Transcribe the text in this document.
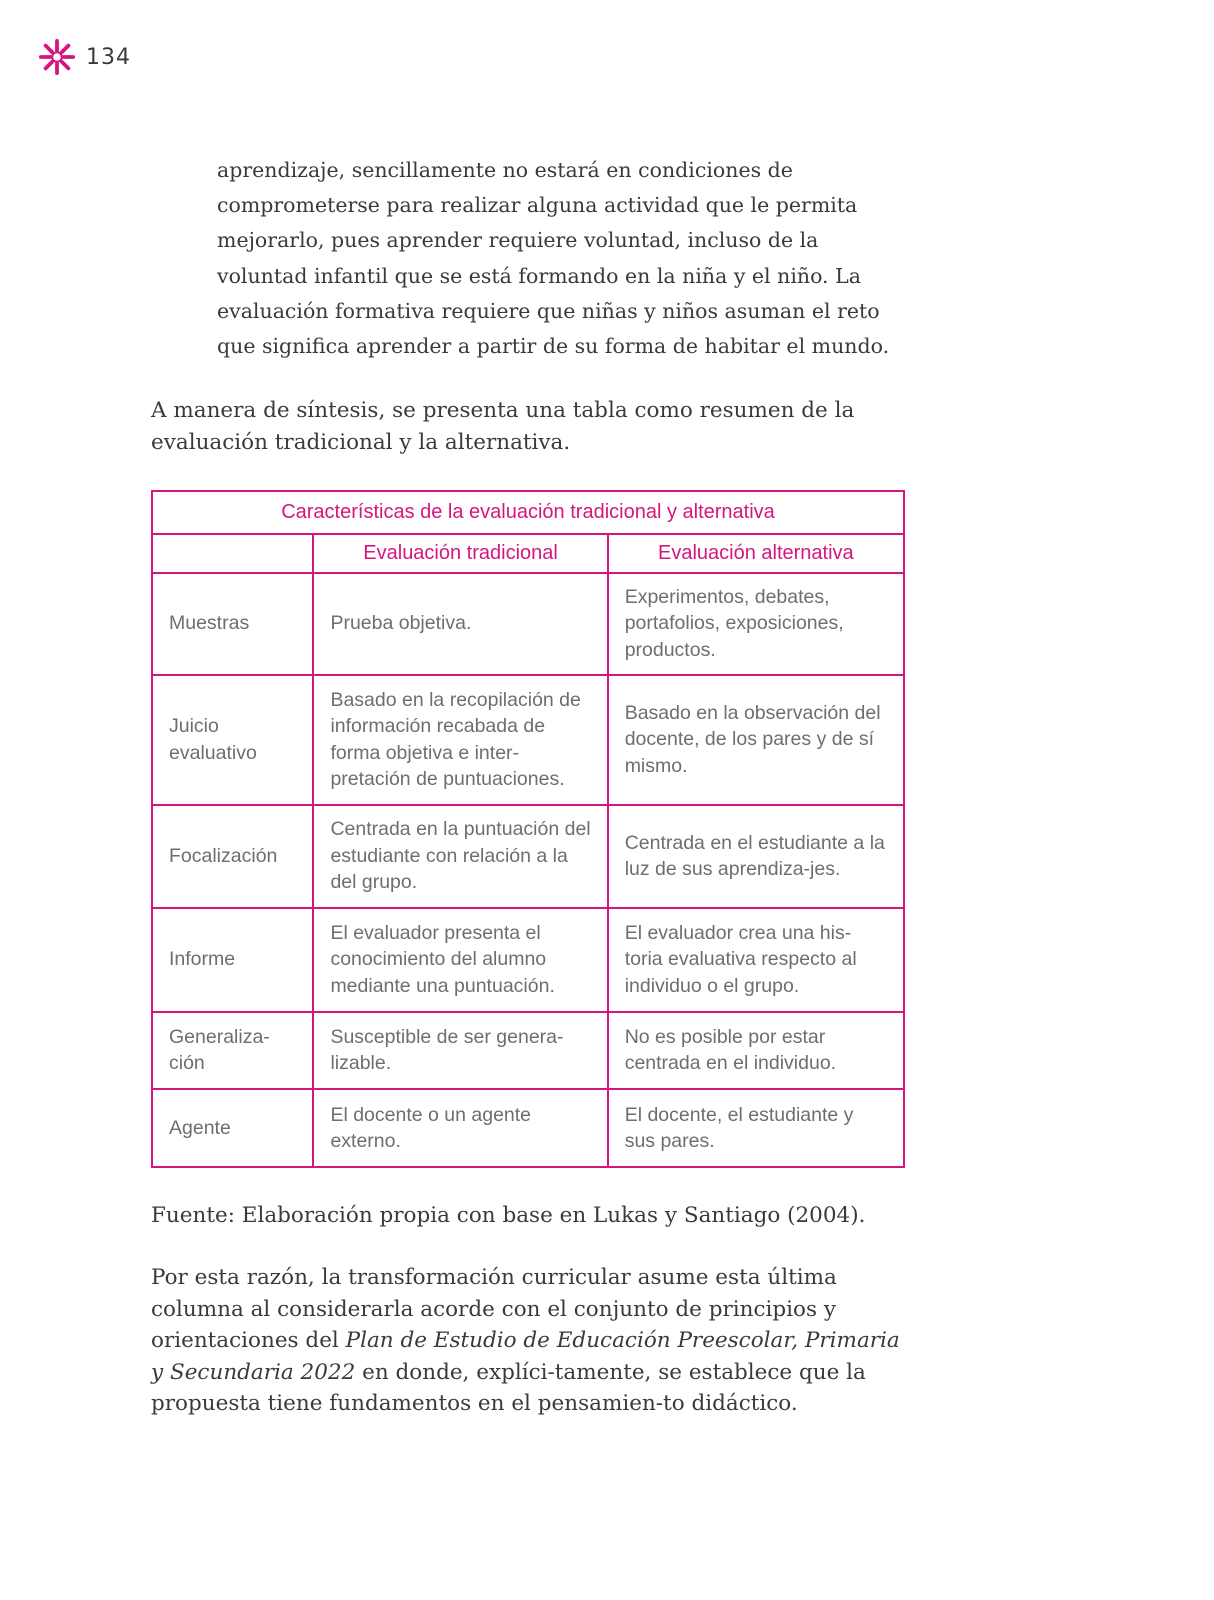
134
aprendizaje, sencillamente no estará en condiciones de comprometerse para realizar alguna actividad que le permita mejorarlo, pues aprender requiere voluntad, incluso de la voluntad infantil que se está formando en la niña y el niño. La evaluación formativa requiere que niñas y niños asuman el reto que significa aprender a partir de su forma de habitar el mundo.
A manera de síntesis, se presenta una tabla como resumen de la evaluación tradicional y la alternativa.
Características de la evaluación tradicional y alternativa		
	Evaluación tradicional	Evaluación alternativa
Muestras	Prueba objetiva.	Experimentos, debates, portafolios, exposiciones, productos.
Juicio evaluativo	Basado en la recopilación de información recabada de forma objetiva e inter-pretación de puntuaciones.	Basado en la observación del docente, de los pares y de sí mismo.
Focalización	Centrada en la puntuación del estudiante con relación a la del grupo.	Centrada en el estudiante a la luz de sus aprendiza-jes.
Informe	El evaluador presenta el conocimiento del alumno mediante una puntuación.	El evaluador crea una his-toria evaluativa respecto al individuo o el grupo.
Generaliza-ción	Susceptible de ser genera-lizable.	No es posible por estar centrada en el individuo.
Agente	El docente o un agente externo.	El docente, el estudiante y sus pares.
Fuente: Elaboración propia con base en Lukas y Santiago (2004).
Por esta razón, la transformación curricular asume esta última columna al considerarla acorde con el conjunto de principios y orientaciones del Plan de Estudio de Educación Preescolar, Primaria y Secundaria 2022 en donde, explíci-tamente, se establece que la propuesta tiene fundamentos en el pensamien-to didáctico.
